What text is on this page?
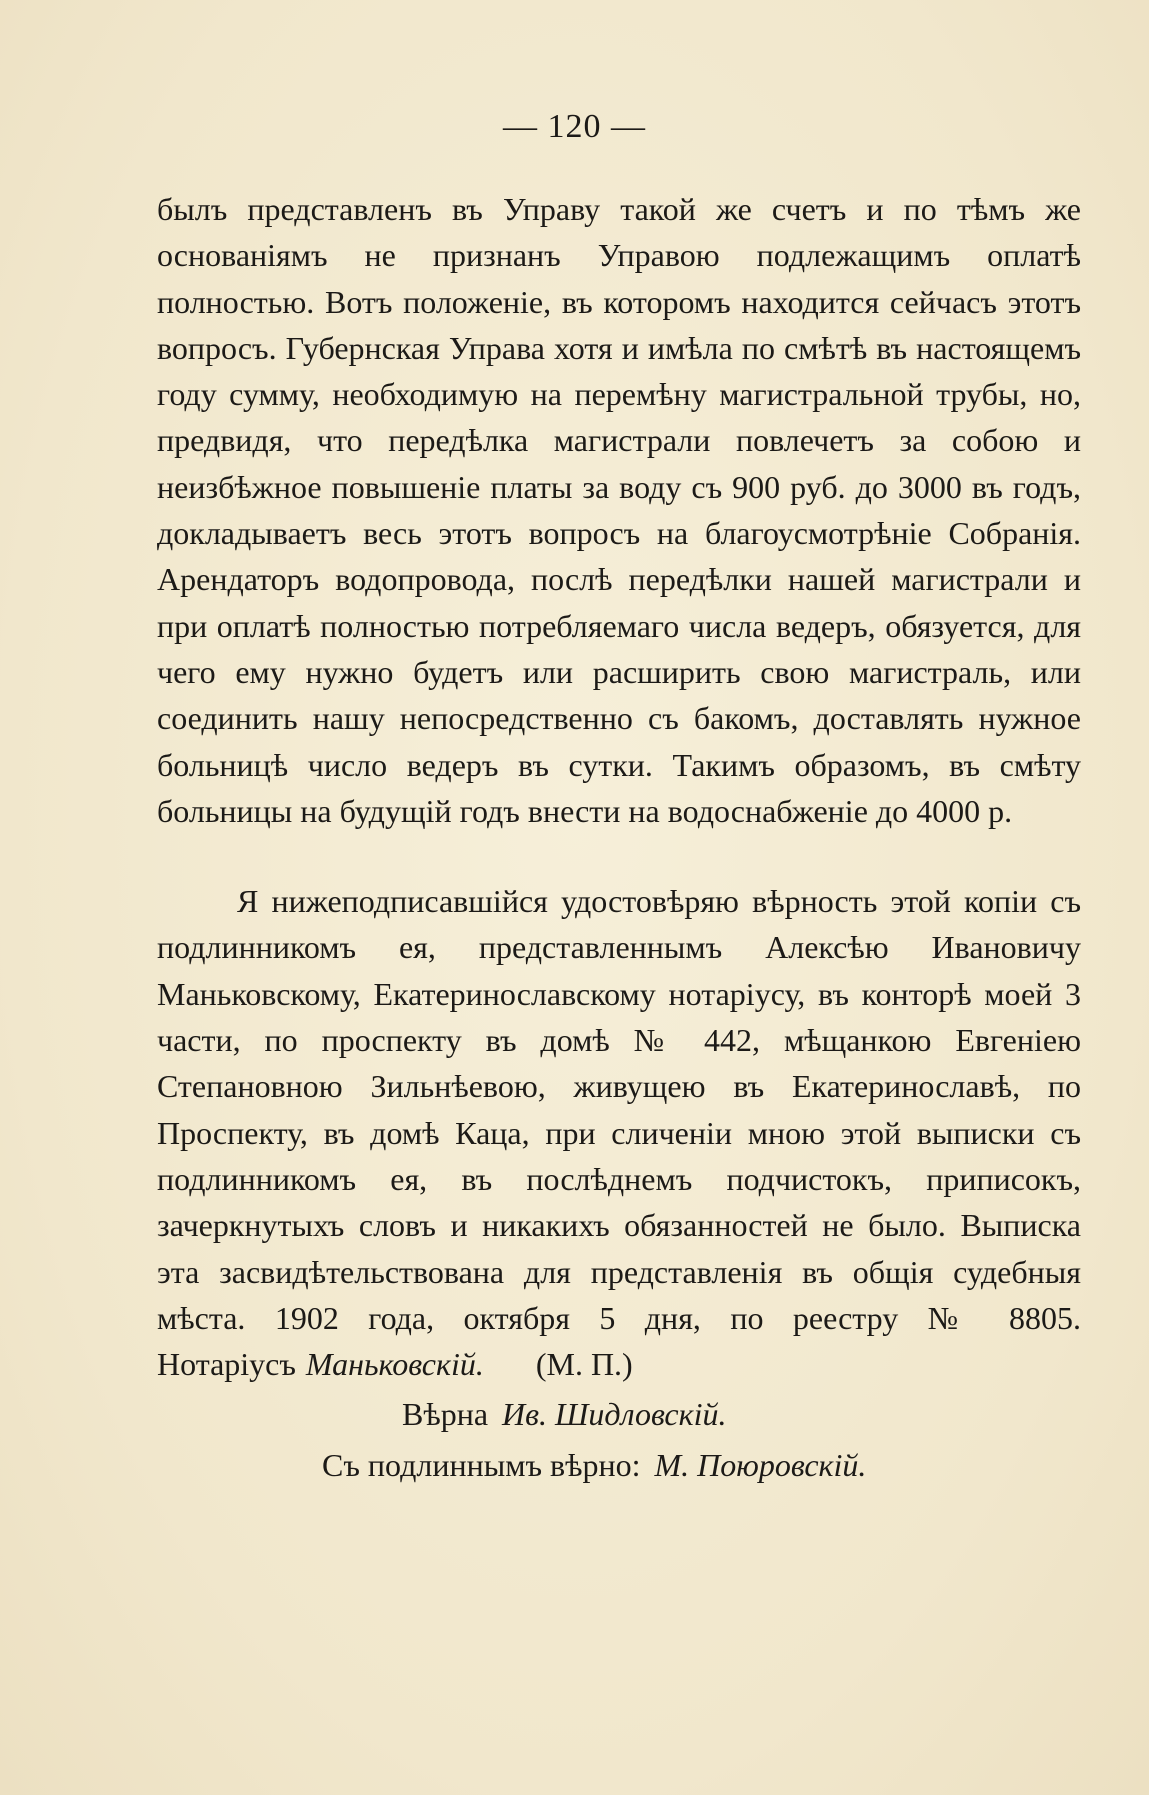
— 120 —

былъ представленъ въ Управу такой же счетъ и по тѣмъ же основаніямъ не признанъ Управою подлежащимъ оплатѣ полностью. Вотъ положеніе, въ которомъ находится сейчасъ этотъ вопросъ. Губернская Управа хотя и имѣла по смѣтѣ въ настоящемъ году сумму, необходимую на перемѣну магистральной трубы, но, предвидя, что передѣлка магистрали повлечетъ за собою и неизбѣжное повышеніе платы за воду съ 900 руб. до 3000 въ годъ, докладываетъ весь этотъ вопросъ на благоусмотрѣніе Собранія. Арендаторъ водопровода, послѣ передѣлки нашей магистрали и при оплатѣ полностью потребляемаго числа ведеръ, обязуется, для чего ему нужно будетъ или расширить свою магистраль, или соединить нашу непосредственно съ бакомъ, доставлять нужное больницѣ число ведеръ въ сутки. Такимъ образомъ, въ смѣту больницы на будущій годъ внести на водоснабженіе до 4000 р.

Я нижеподписавшійся удостовѣряю вѣрность этой копіи съ подлинникомъ ея, представленнымъ Алексѣю Ивановичу Маньковскому, Екатеринославскому нотаріусу, въ конторѣ моей 3 части, по проспекту въ домѣ № 442, мѣщанкою Евгеніею Степановною Зильнѣевою, живущею въ Екатеринославѣ, по Проспекту, въ домѣ Каца, при сличеніи мною этой выписки съ подлинникомъ ея, въ послѣднемъ подчистокъ, приписокъ, зачеркнутыхъ словъ и никакихъ обязанностей не было. Выписка эта засвидѣтельствована для представленія въ общія судебныя мѣста. 1902 года, октября 5 дня, по реестру № 8805. Нотаріусъ Маньковскій. (М. П.)

Вѣрна Ив. Шидловскій.

Съ подлиннымъ вѣрно: М. Поюровскій.
